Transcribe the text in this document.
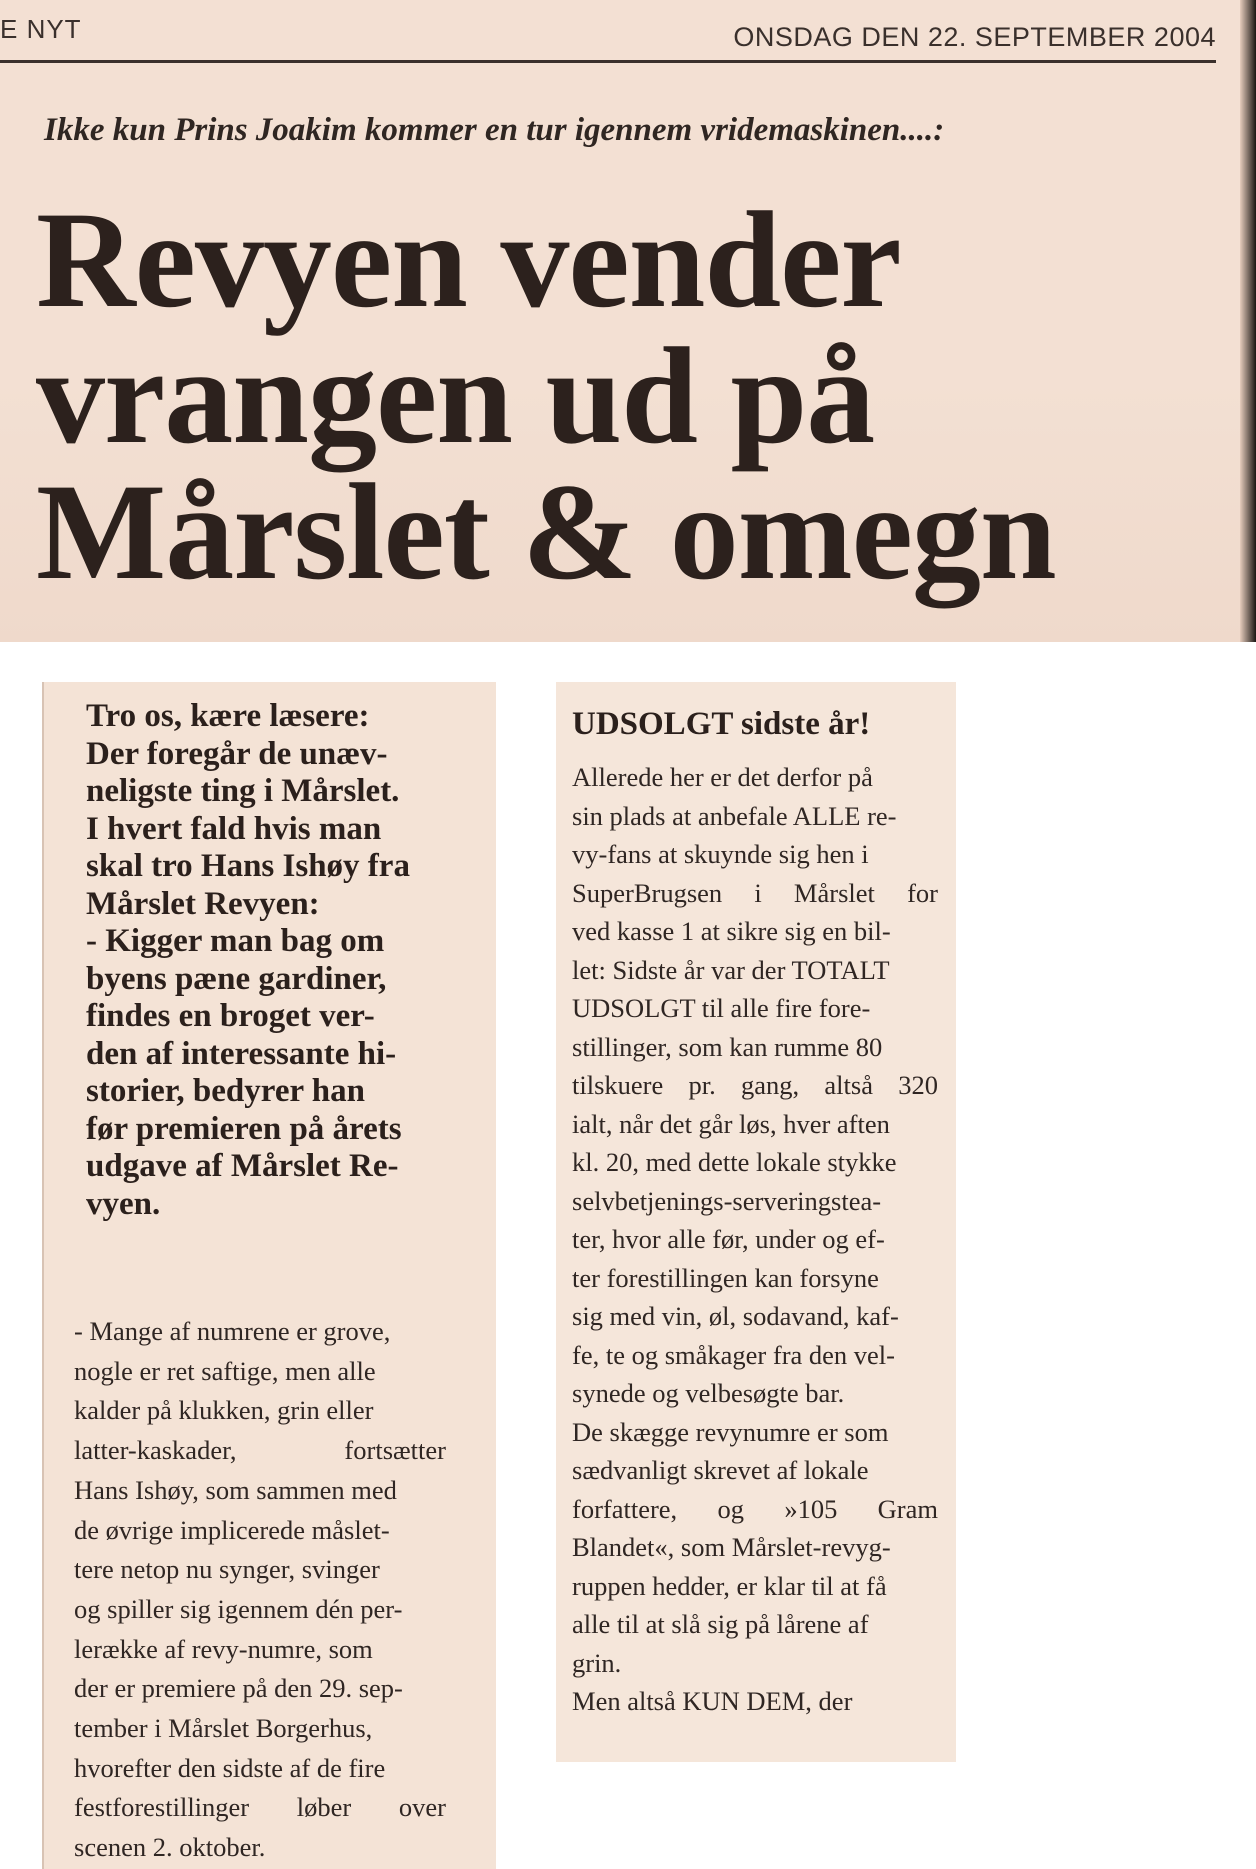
E NYT	ONSDAG DEN 22. SEPTEMBER 2004
Ikke kun Prins Joakim kommer en tur igennem vridemaskinen....:
Revyen vender
vrangen ud på
Mårslet & omegn
Tro os, kære læsere:
Der foregår de unæv-
neligste ting i Mårslet.
I hvert fald hvis man
skal tro Hans Ishøy fra
Mårslet Revyen:
- Kigger man bag om
byens pæne gardiner,
findes en broget ver-
den af interessante hi-
storier, bedyrer han
før premieren på årets
udgave af Mårslet Re-
vyen.
- Mange af numrene er grove,
nogle er ret saftige, men alle
kalder på klukken, grin eller
latter-kaskader, fortsætter
Hans Ishøy, som sammen med
de øvrige implicerede måslet-
tere netop nu synger, svinger
og spiller sig igennem dén per-
lerække af revy-numre, som
der er premiere på den 29. sep-
tember i Mårslet Borgerhus,
hvorefter den sidste af de fire
festforestillinger løber over
scenen 2. oktober.
UDSOLGT sidste år!
Allerede her er det derfor på
sin plads at anbefale ALLE re-
vy-fans at skuynde sig hen i
SuperBrugsen i Mårslet for
ved kasse 1 at sikre sig en bil-
let: Sidste år var der TOTALT
UDSOLGT til alle fire fore-
stillinger, som kan rumme 80
tilskuere pr. gang, altså 320
ialt, når det går løs, hver aften
kl. 20, med dette lokale stykke
selvbetjenings-serveringstea-
ter, hvor alle før, under og ef-
ter forestillingen kan forsyne
sig med vin, øl, sodavand, kaf-
fe, te og småkager fra den vel-
synede og velbesøgte bar.
De skægge revynumre er som
sædvanligt skrevet af lokale
forfattere, og »105 Gram
Blandet«, som Mårslet-revyg-
ruppen hedder, er klar til at få
alle til at slå sig på lårene af
grin.
Men altså KUN DEM, der
